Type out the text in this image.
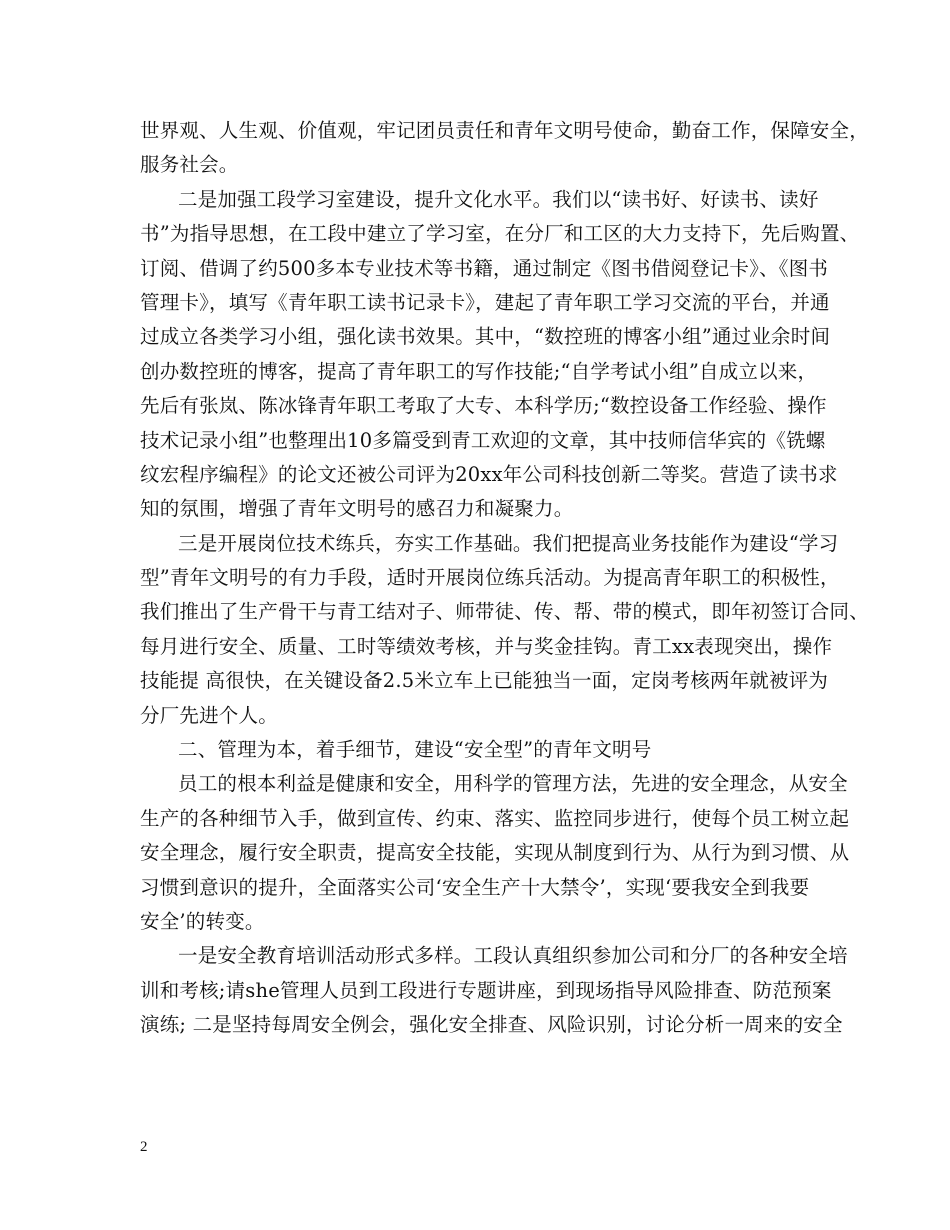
世界观、人生观、价值观，牢记团员责任和青年文明号使命，勤奋工作，保障安全，
服务社会。
二是加强工段学习室建设，提升文化水平。我们以“读书好、好读书、读好
书”为指导思想，在工段中建立了学习室，在分厂和工区的大力支持下，先后购置、
订阅、借调了约500多本专业技术等书籍，通过制定《图书借阅登记卡》、《图书
管理卡》，填写《青年职工读书记录卡》，建起了青年职工学习交流的平台，并通
过成立各类学习小组，强化读书效果。其中，“数控班的博客小组”通过业余时间
创办数控班的博客，提高了青年职工的写作技能;“自学考试小组”自成立以来，
先后有张岚、陈冰锋青年职工考取了大专、本科学历;“数控设备工作经验、操作
技术记录小组”也整理出10多篇受到青工欢迎的文章，其中技师信华宾的《铣螺
纹宏程序编程》的论文还被公司评为20xx年公司科技创新二等奖。营造了读书求
知的氛围，增强了青年文明号的感召力和凝聚力。
三是开展岗位技术练兵，夯实工作基础。我们把提高业务技能作为建设“学习
型”青年文明号的有力手段，适时开展岗位练兵活动。为提高青年职工的积极性，
我们推出了生产骨干与青工结对子、师带徒、传、帮、带的模式，即年初签订合同、
每月进行安全、质量、工时等绩效考核，并与奖金挂钩。青工xx表现突出，操作
技能提 高很快，在关键设备2.5米立车上已能独当一面，定岗考核两年就被评为
分厂先进个人。
二、管理为本，着手细节，建设“安全型”的青年文明号
员工的根本利益是健康和安全，用科学的管理方法，先进的安全理念，从安全
生产的各种细节入手，做到宣传、约束、落实、监控同步进行，使每个员工树立起
安全理念，履行安全职责，提高安全技能，实现从制度到行为、从行为到习惯、从
习惯到意识的提升，全面落实公司‘安全生产十大禁令’，实现‘要我安全到我要
安全’的转变。
一是安全教育培训活动形式多样。工段认真组织参加公司和分厂的各种安全培
训和考核;请she管理人员到工段进行专题讲座，到现场指导风险排查、防范预案
演练; 二是坚持每周安全例会，强化安全排查、风险识别，讨论分析一周来的安全
2
